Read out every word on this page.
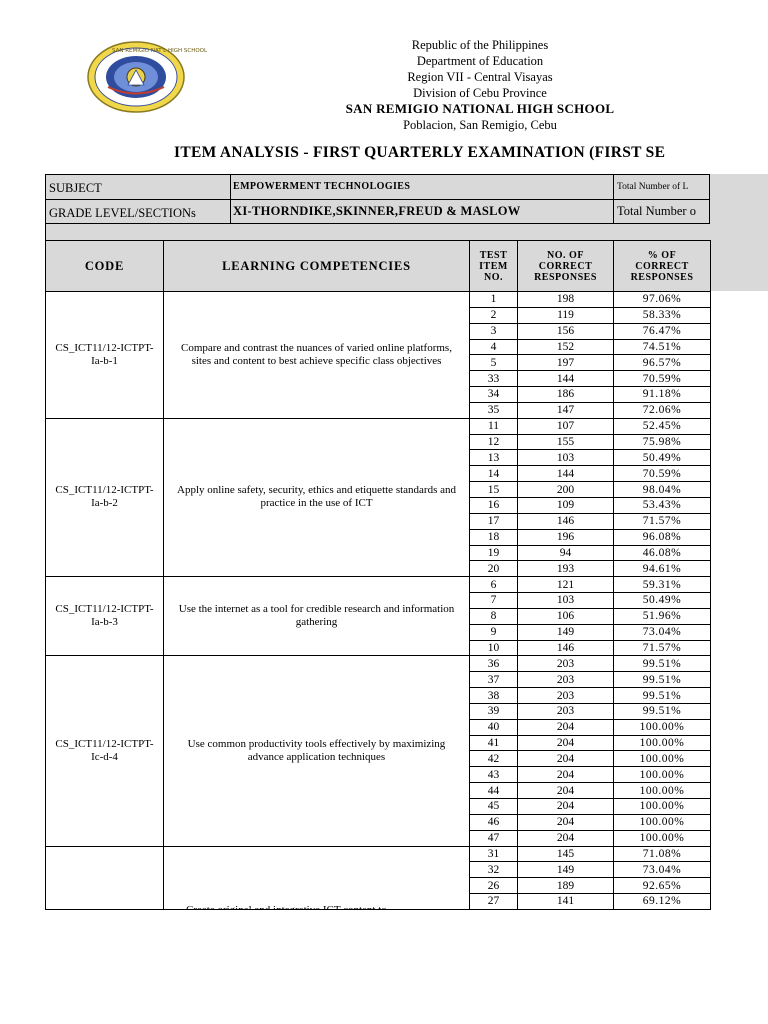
SAN REMIGIO NAT'L HIGH SCHOOL	Republic of the Philippines
Department of Education
Region VII - Central Visayas
Division of Cebu Province
SAN REMIGIO NATIONAL HIGH SCHOOL
Poblacion, San Remigio, Cebu
ITEM ANALYSIS - FIRST QUARTERLY EXAMINATION (FIRST SE
SUBJECT	EMPOWERMENT TECHNOLOGIES	Total Number of L
GRADE LEVEL/SECTIONs	XI-THORNDIKE,SKINNER,FREUD & MASLOW	Total Number o
CODE	LEARNING COMPETENCIES	TEST
ITEM
NO.	NO. OF
CORRECT
RESPONSES	% OF
CORRECT
RESPONSES
CS_ICT11/12-ICTPT-Ia-b-1	Compare and contrast the nuances of varied online platforms, sites and content to best achieve specific class objectives	1	198	97.06%
		2	119	58.33%
		3	156	76.47%
		4	152	74.51%
		5	197	96.57%
		33	144	70.59%
		34	186	91.18%
		35	147	72.06%
CS_ICT11/12-ICTPT-Ia-b-2	Apply online safety, security, ethics and etiquette standards and practice in the use of ICT	11	107	52.45%
		12	155	75.98%
		13	103	50.49%
		14	144	70.59%
		15	200	98.04%
		16	109	53.43%
		17	146	71.57%
		18	196	96.08%
		19	94	46.08%
		20	193	94.61%
CS_ICT11/12-ICTPT-Ia-b-3	Use the internet as a tool for credible research and information gathering	6	121	59.31%
		7	103	50.49%
		8	106	51.96%
		9	149	73.04%
		10	146	71.57%
CS_ICT11/12-ICTPT-Ic-d-4	Use common productivity tools effectively by maximizing advance application techniques	36	203	99.51%
		37	203	99.51%
		38	203	99.51%
		39	203	99.51%
		40	204	100.00%
		41	204	100.00%
		42	204	100.00%
		43	204	100.00%
		44	204	100.00%
		45	204	100.00%
		46	204	100.00%
		47	204	100.00%
		31	145	71.08%
		32	149	73.04%
		26	189	92.65%
		27	141	69.12%
